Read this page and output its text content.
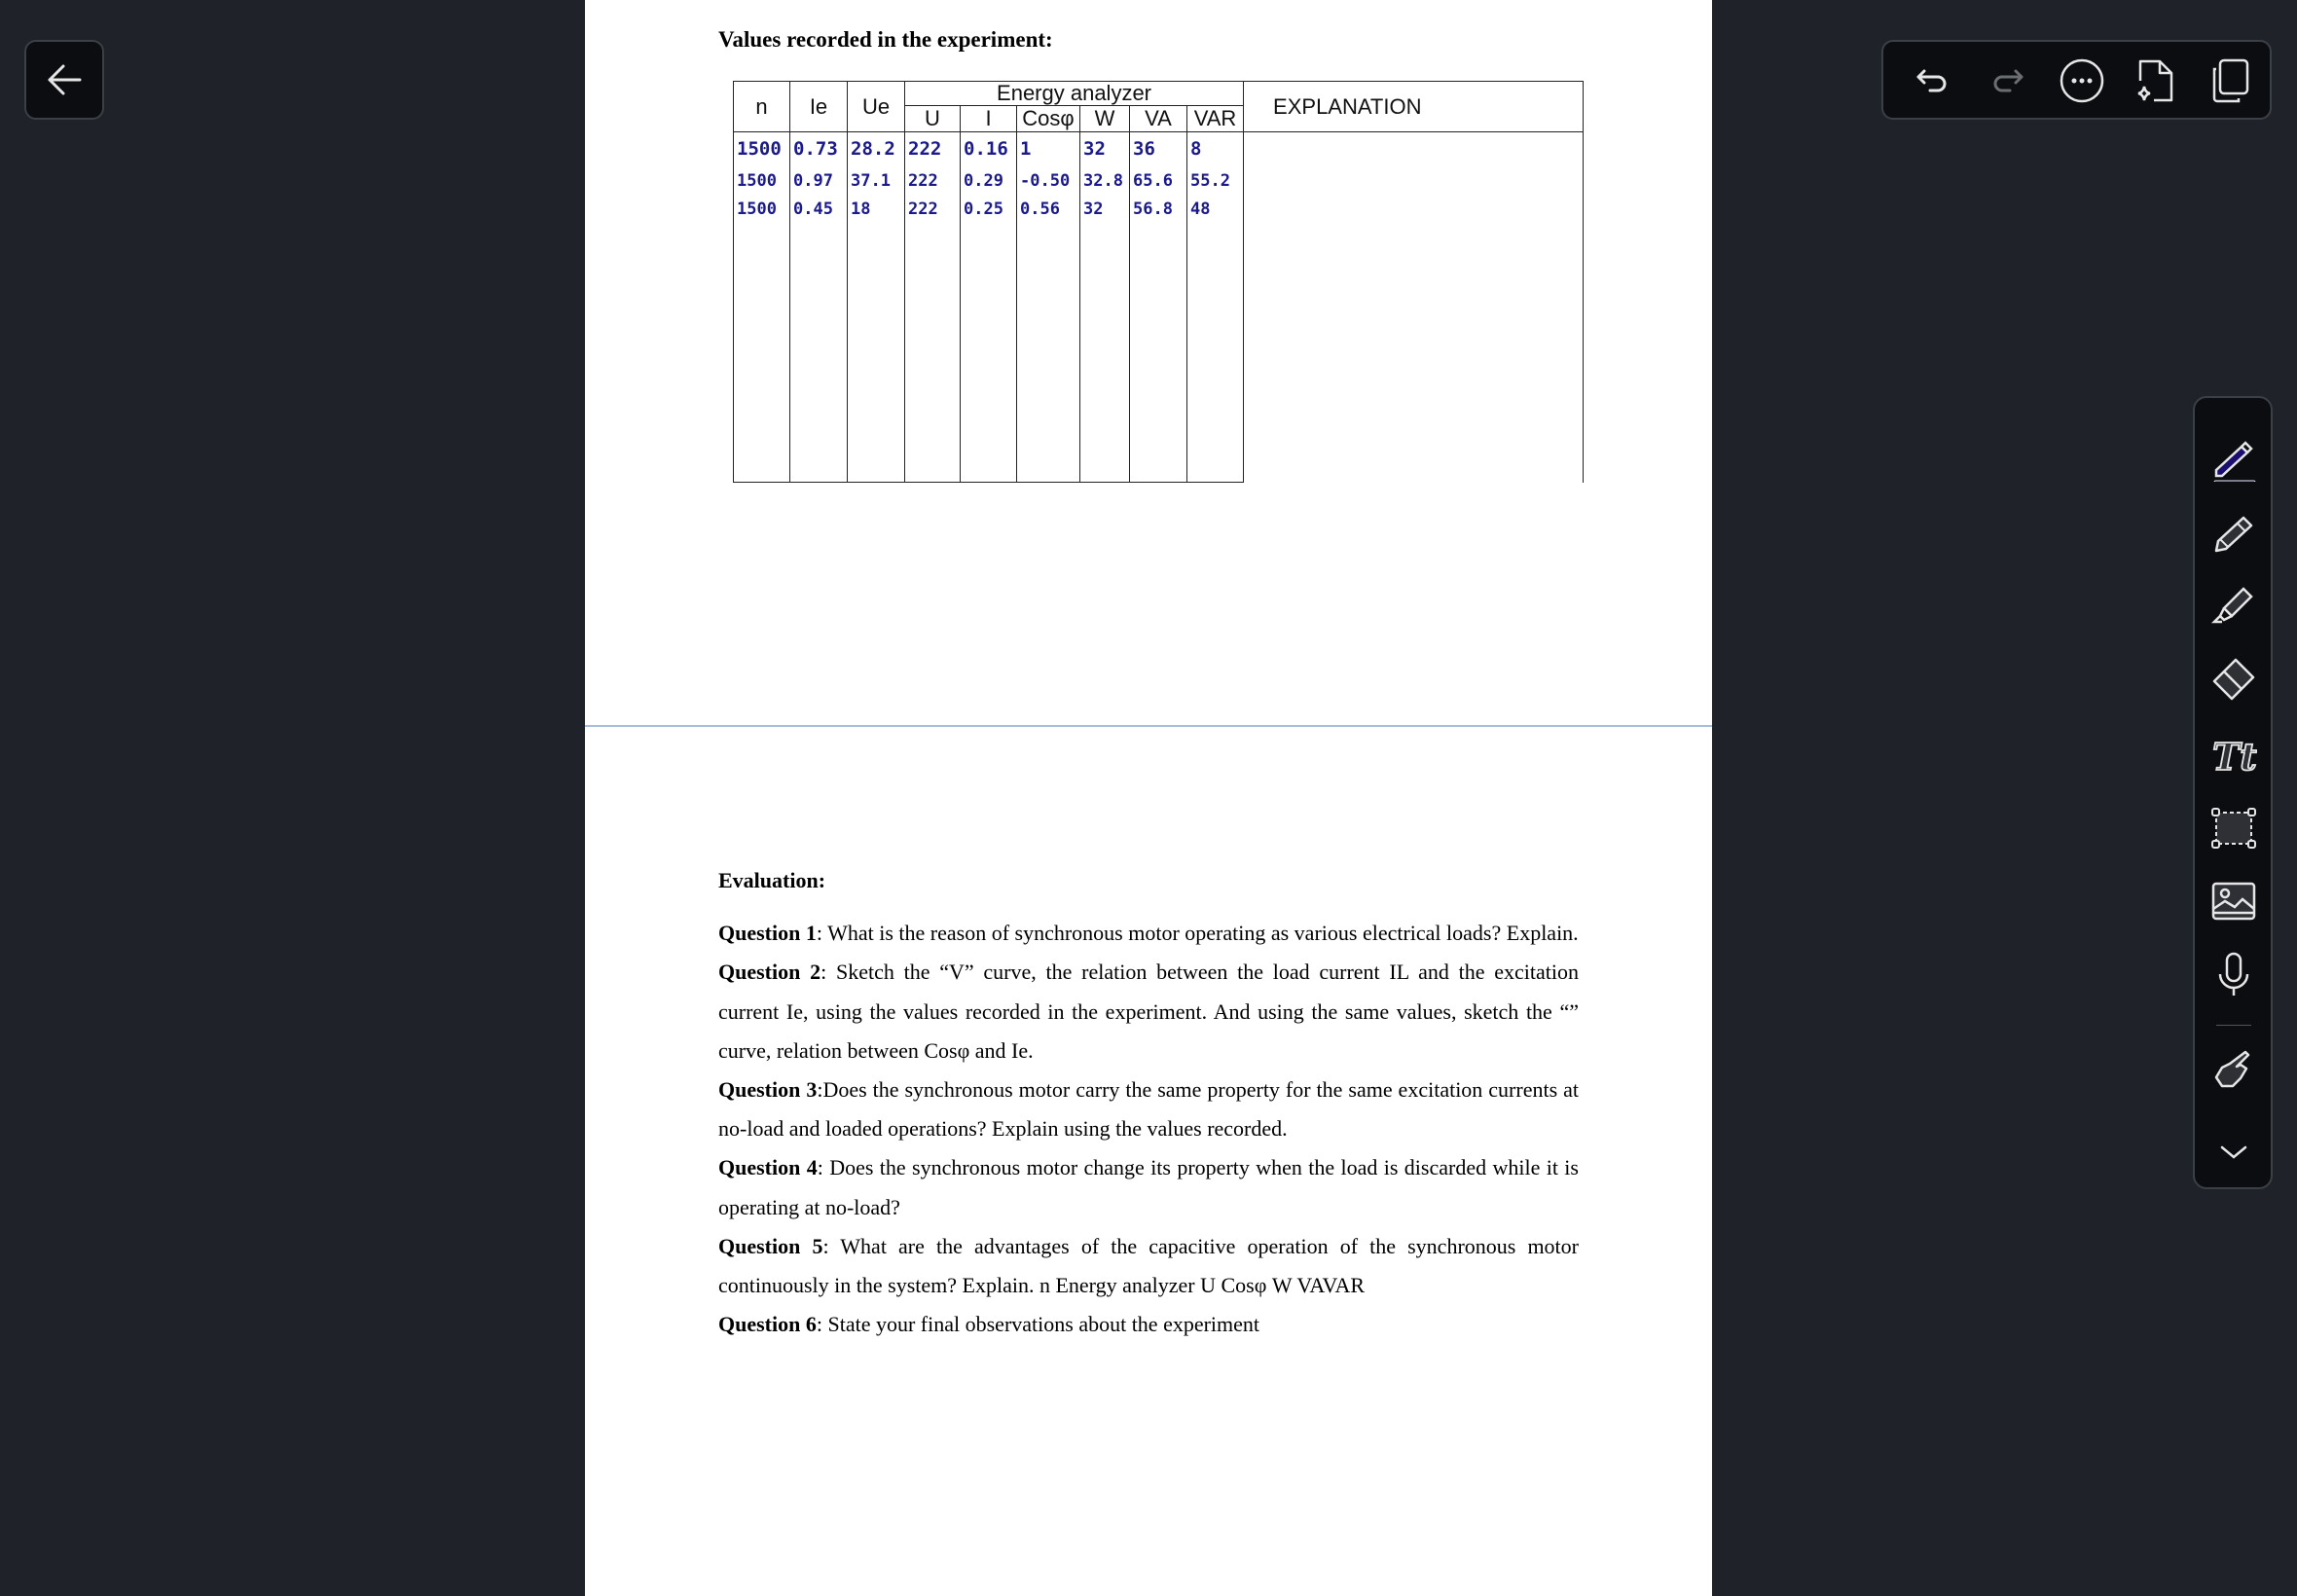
Tt
Values recorded in the experiment:
n	Ie	Ue	Energy analyzer						EXPLANATION
			U	I	Cosφ	W	VA	VAR	
1500	0.73	28.2	222	0.16	1	32	36	8	
1500	0.97	37.1	222	0.29	-0.50	32.8	65.6	55.2	
1500	0.45	18	222	0.25	0.56	32	56.8	48	

Evaluation:

Question 1: What is the reason of synchronous motor operating as various electrical loads? Explain.

Question 2: Sketch the “V” curve, the relation between the load current IL and the excitation current Ie, using the values recorded in the experiment. And using the same values, sketch the “” curve, relation between Cosφ and Ie.

Question 3:Does the synchronous motor carry the same property for the same excitation currents at no-load and loaded operations? Explain using the values recorded.

Question 4: Does the synchronous motor change its property when the load is discarded while it is operating at no-load?

Question 5: What are the advantages of the capacitive operation of the synchronous motor continuously in the system? Explain. n Energy analyzer U Cosφ W VAVAR

Question 6: State your final observations about the experiment
